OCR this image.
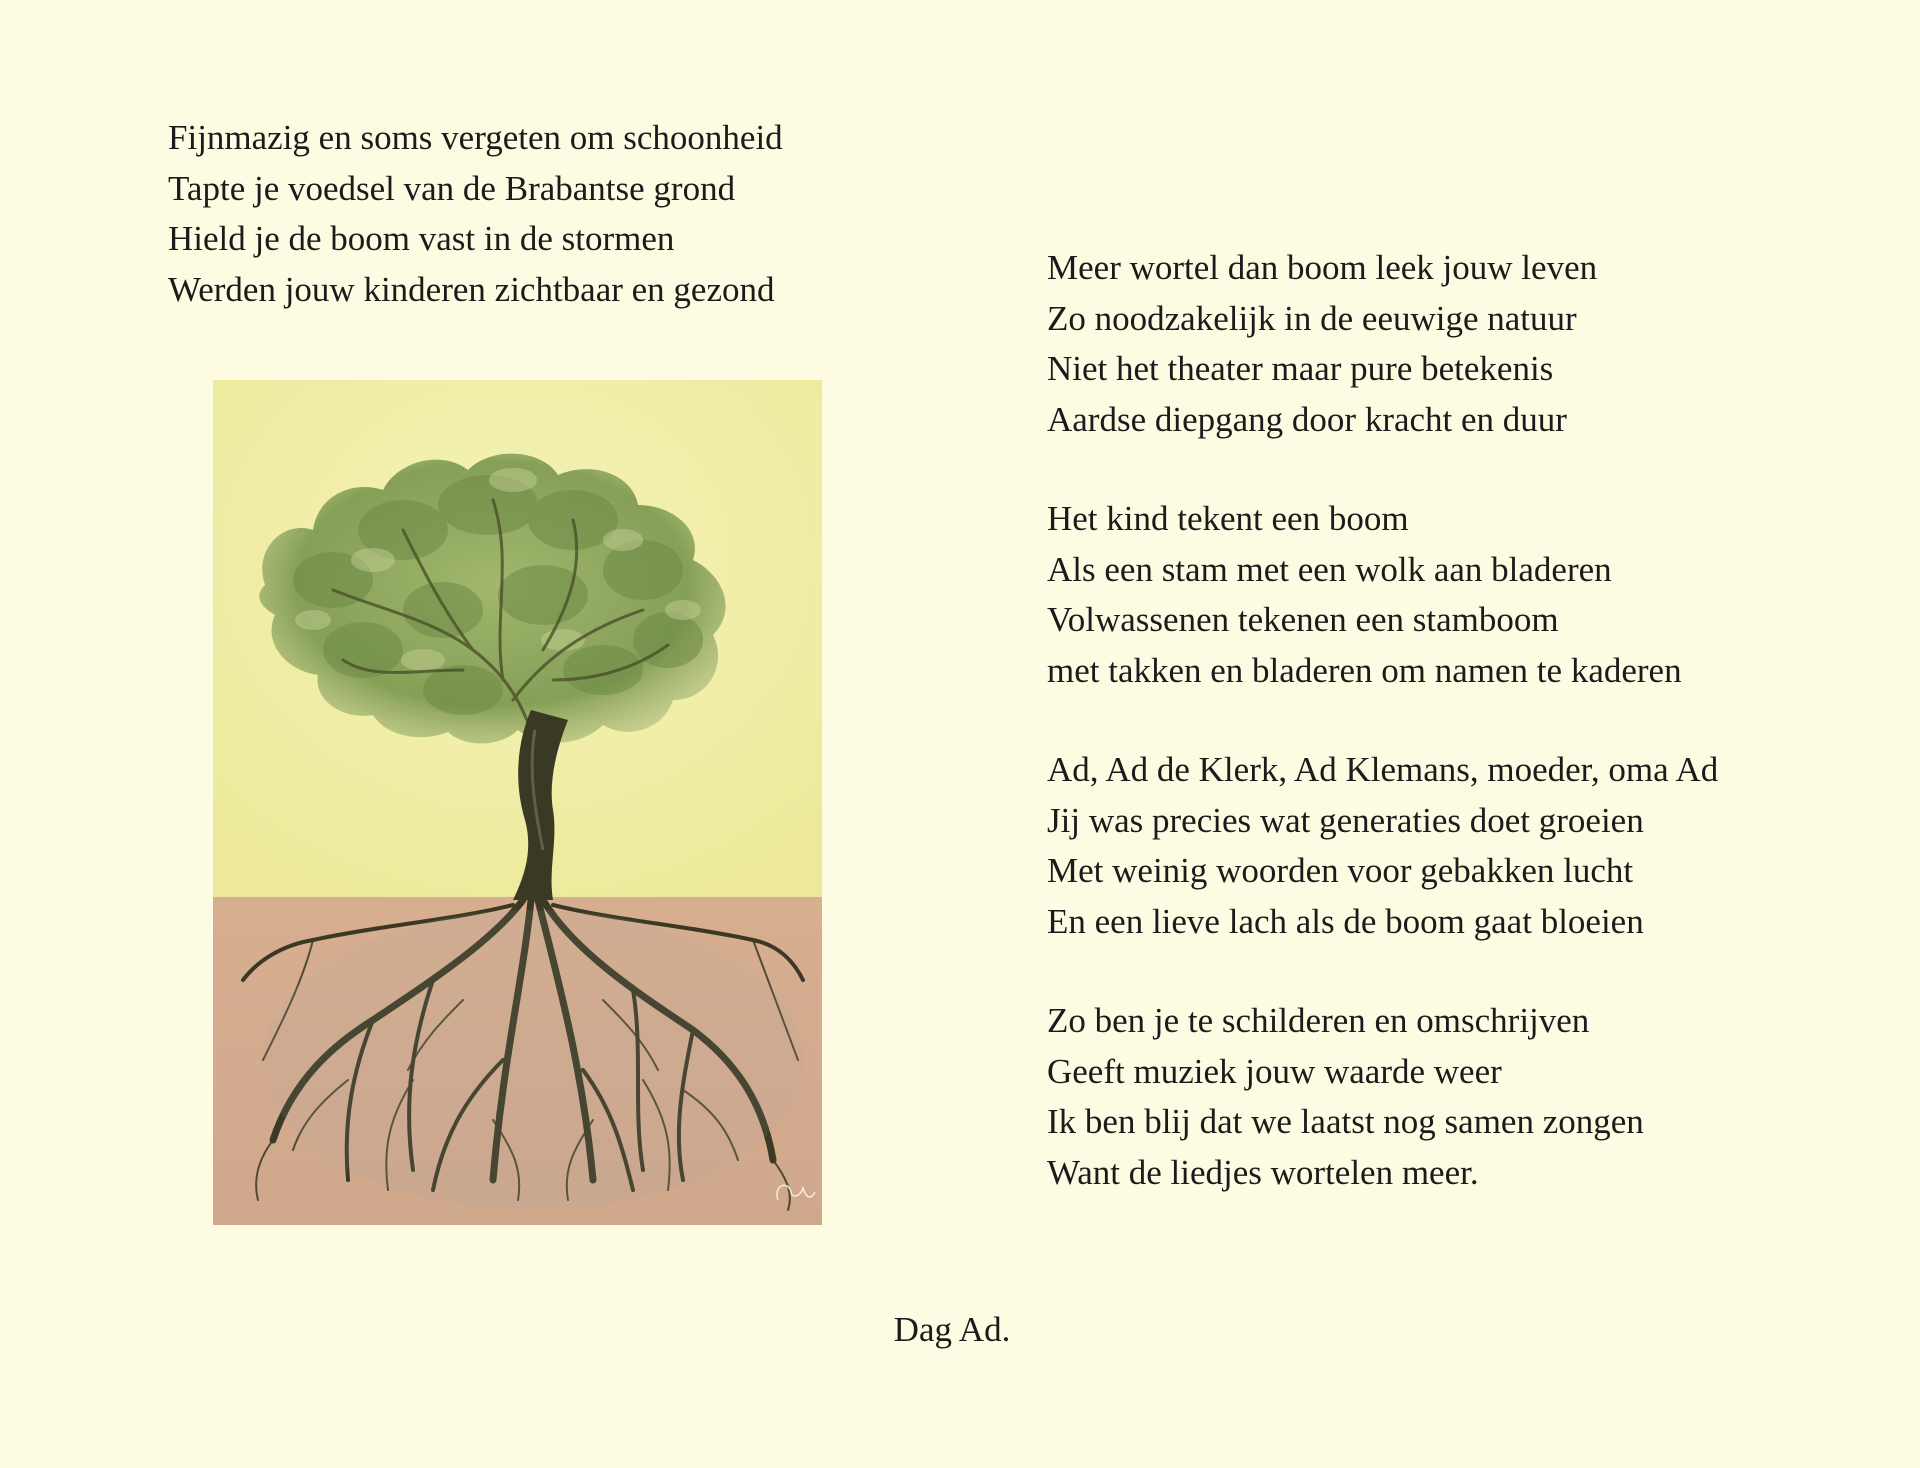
Fijnmazig en soms vergeten om schoonheid
Tapte je voedsel van de Brabantse grond
Hield je de boom vast in de stormen
Werden jouw kinderen zichtbaar en gezond
Meer wortel dan boom leek jouw leven
Zo noodzakelijk in de eeuwige natuur
Niet het theater maar pure betekenis
Aardse diepgang door kracht en duur
Het kind tekent een boom
Als een stam met een wolk aan bladeren
Volwassenen tekenen een stamboom
met takken en bladeren om namen te kaderen
Ad, Ad de Klerk, Ad Klemans, moeder, oma Ad
Jij was precies wat generaties doet groeien
Met weinig woorden voor gebakken lucht
En een lieve lach als de boom gaat bloeien
Zo ben je te schilderen en omschrijven
Geeft muziek jouw waarde weer
Ik ben blij dat we laatst nog samen zongen
Want de liedjes wortelen meer.

Dag Ad.
